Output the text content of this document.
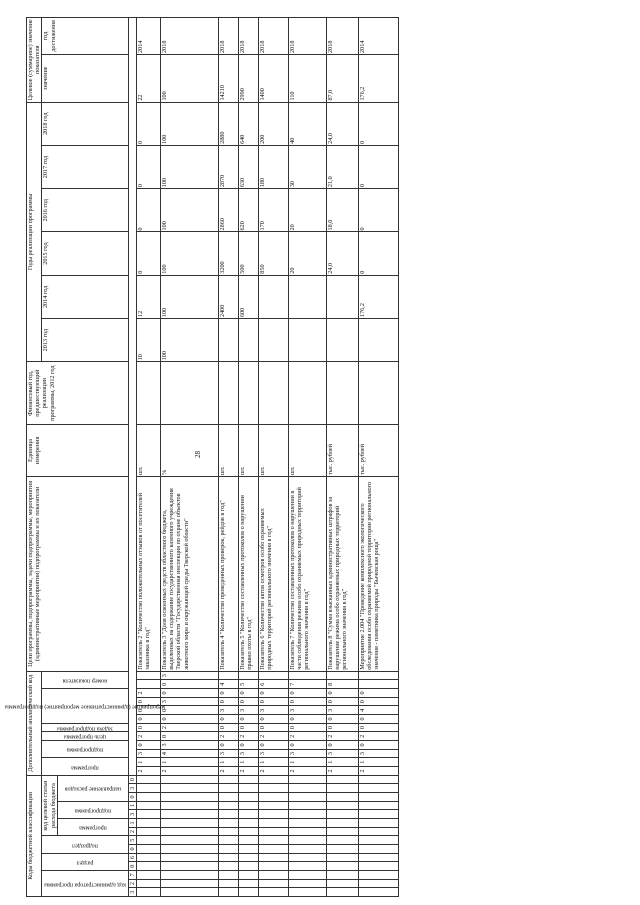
28
Коды бюджетной классификации														Дополнительный аналитический код												Цели программы, подпрограммы, задачи подпрограммы, мероприятия (административные мероприятия) подпрограммы и их показатели	Единица измерения	Финансовый год, предшествующий реализации программы, 2012 год	Годы реализации программы						Целевое (суммарное) значение показателя	

код администратора программы			раздел		подраздел		код целевой статьи расхода бюджета							программа		подпрограмма		цель программы	задача подпрограммы	мероприятие (административное мероприятие) подпрограммы				номер показателя					2013 год	2014 год	2015 год	2016 год	2017 год	2018 год	значение	год достижения

							программа		подпрограмма		направление расходов																									

3	2	7	0	6	0	5	2	1	3	1	0	3	0																							
														2	1	3	0	2	0	0	0	0	2			Показатель 2 "Количество положительных отзывов от посетителей заказника в год"	шт.		10	12	0	0	0	0	22	2014
														2	1	4	3	0	2	0	0	3	0	0	3	Показатель 3 "Доля освоенных средств областного бюджета, выделенных на содержание государственного казенного учреждения Тверской области "Государственная инспекция по охране объектов животного мира и окружающей среды Тверской области"	%		100	100	100	100	100	100	100	2018
														2	1	3	0	2	0	0	3	0	0	4		Показатель 4 "Количество проведенных проверок, рейдов в год"	шт.			2400	3200	2860	2870	2880	14210	2018
														2	1	3	0	2	0	0	3	0	0	5		Показатель 5 "Количество составленных протоколов о нарушении правил охоты в год"	шт.			600	500	620	630	640	2990	2018
														2	1	3	0	2	0	0	3	0	0	6		Показатель 6 "Количество актов осмотров особо охраняемых природных территорий регионального значения в год"	шт.				850	170	180	200	1400	2018
														2	1	3	0	2	0	0	3	0	0	7		Показатель 7 "Количество составленных протоколов о нарушении в части соблюдения режима особо охраняемых природных территорий регионального значения в год"	шт.				20	20	30	40	110	2018
														2	1	3	0	2	0	0	3	0	0	8		Показатель 8 "Сумма взысканных административных штрафов за нарушение режима особо охраняемых природных территорий регионального значения в год"	тыс. рублей				24,0	18,0	21,0	24,0	87,0	2018
														2	1	3	0	2	0	0	4	0	0			Мероприятие 2.004 "Проведение комплексного экологического обследования особо охраняемой природной территории регионального значения - памятника природы "Бычевская роща"	тыс. рублей			176,2	0	0	0	0	176,2	2014
